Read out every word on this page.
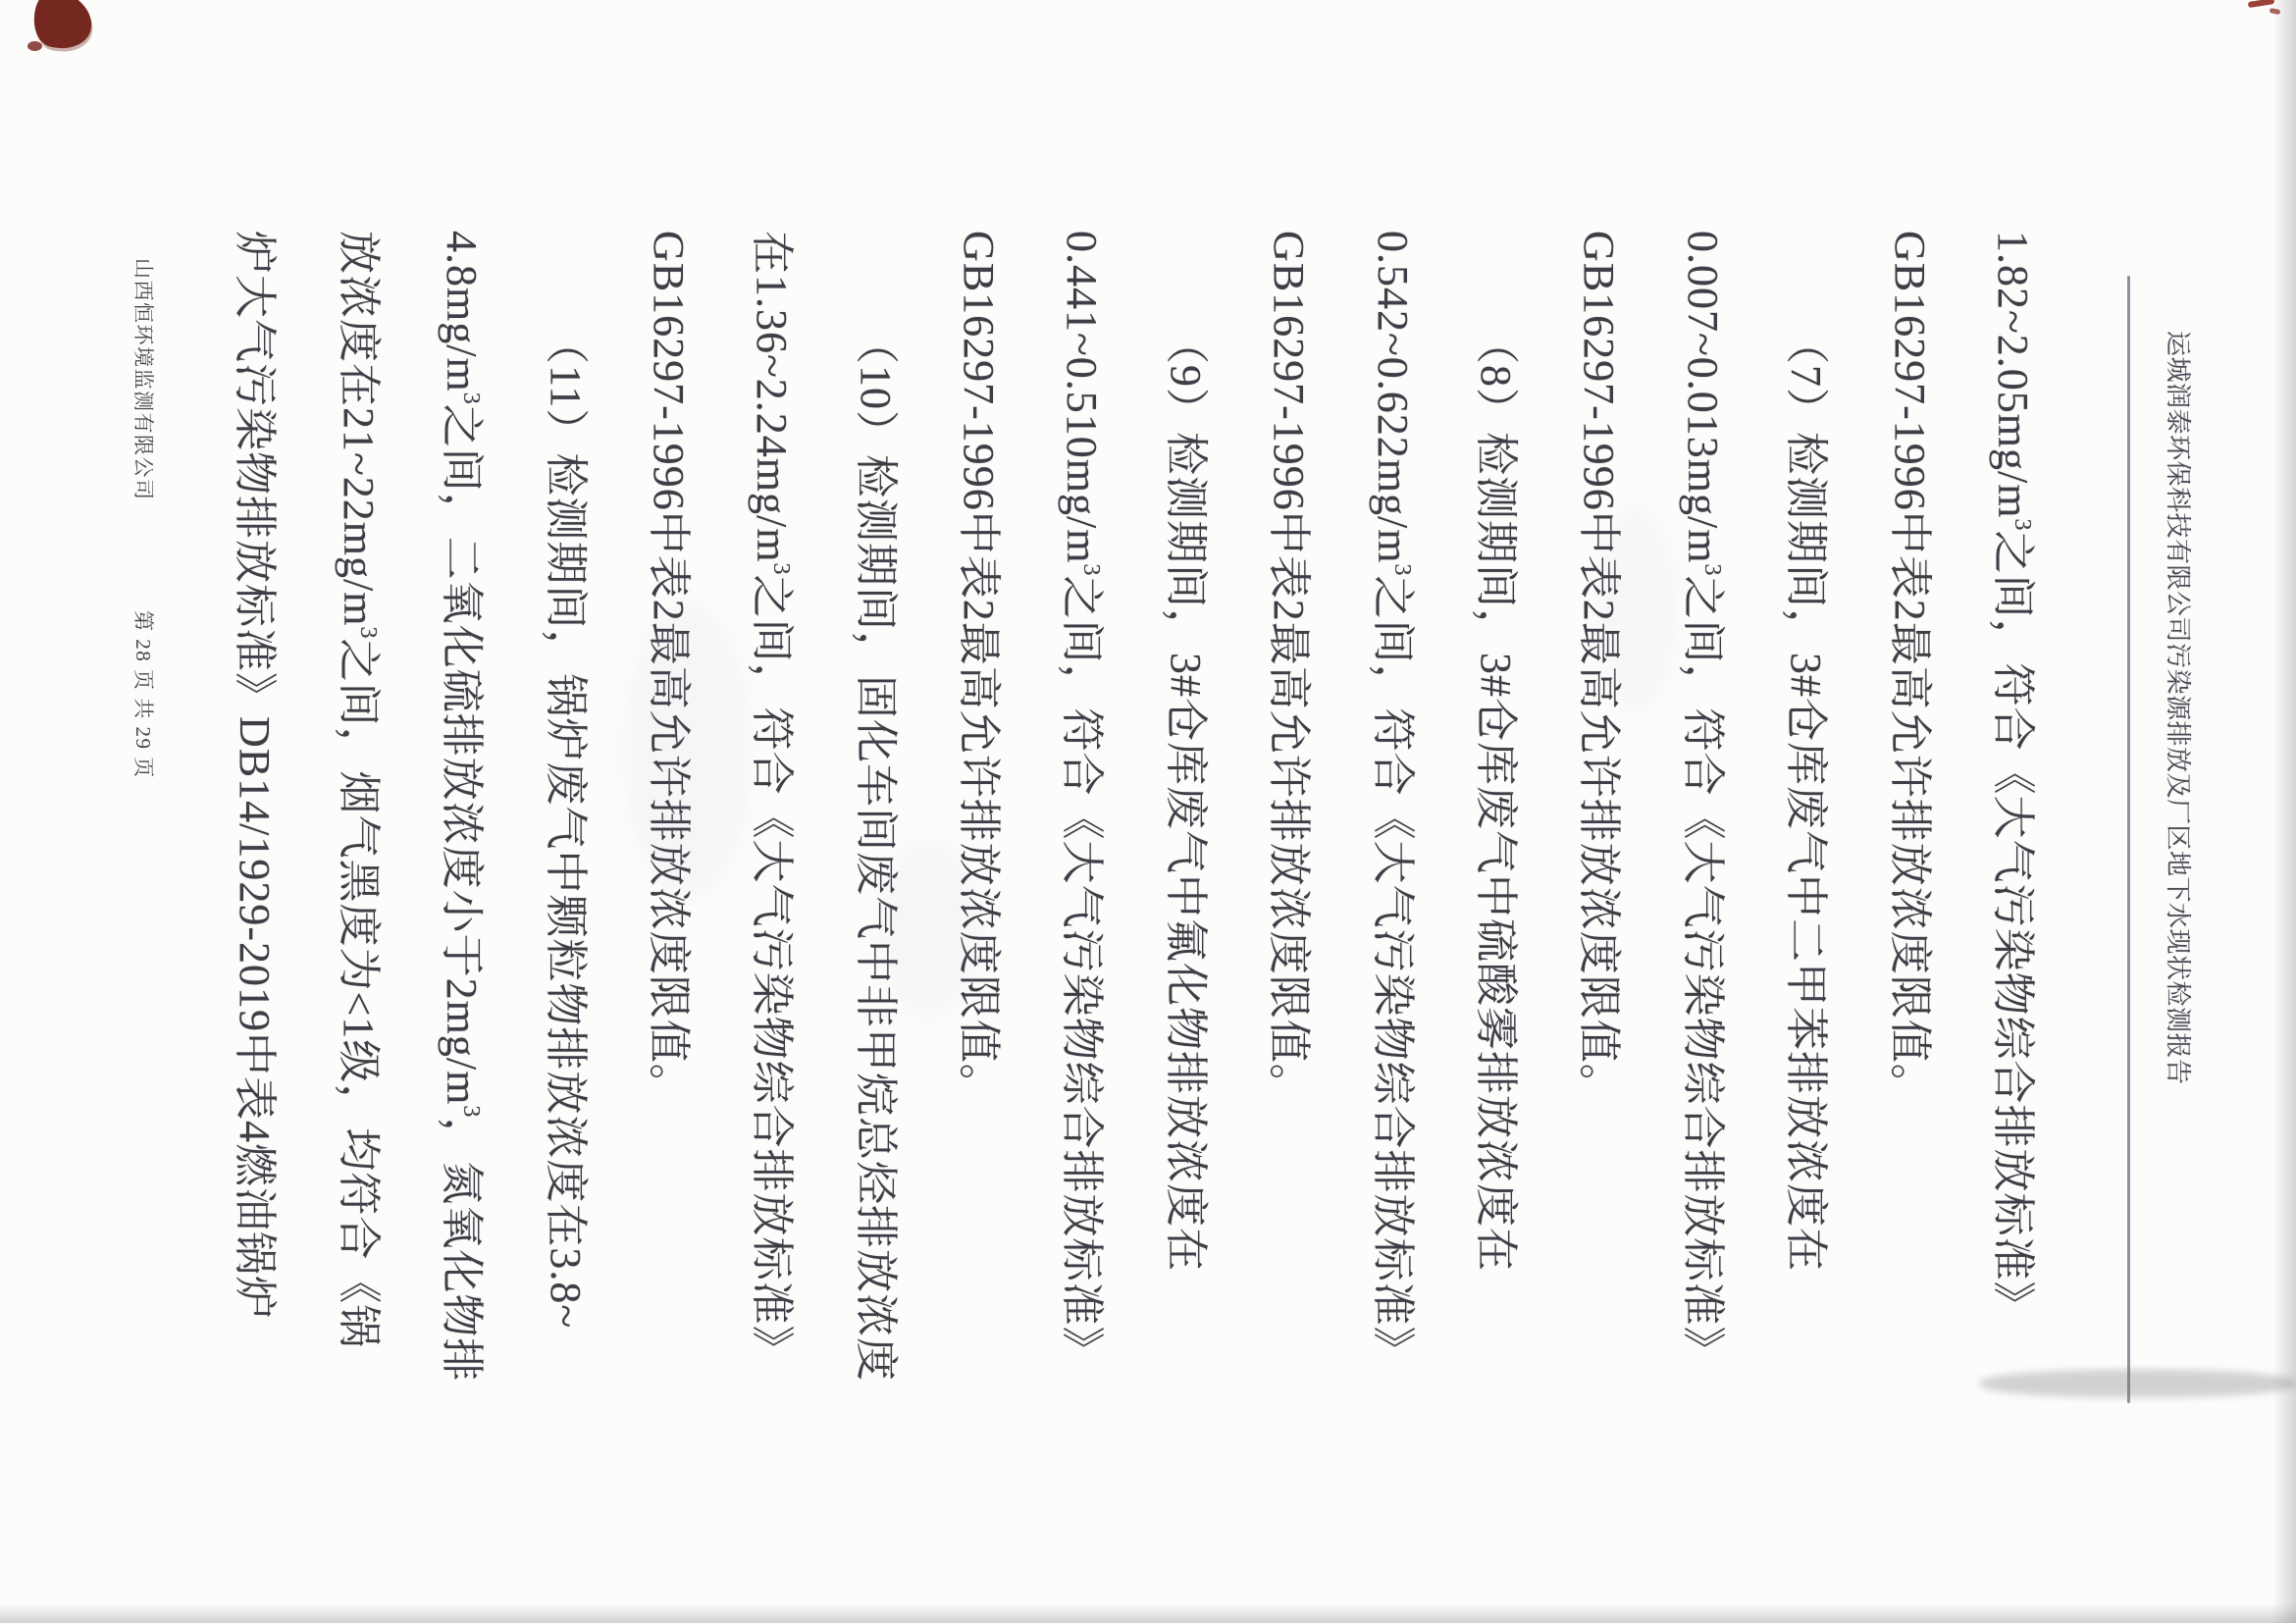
运城润泰环保科技有限公司污染源排放及厂区地下水现状检测报告
$1.82\sim 2.05mg/m^3$之间，符合《大气污染物综合排放标准》
GB16297-1996中表2最高允许排放浓度限值。
（7）检测期间，3#仓库废气中二甲苯排放浓度在
$0.007\sim 0.013mg/m^3$之间，符合《大气污染物综合排放标准》
GB16297-1996中表2最高允许排放浓度限值。
（8）检测期间，3#仓库废气中硫酸雾排放浓度在
$0.542\sim 0.622mg/m^3$之间，符合《大气污染物综合排放标准》
GB16297-1996中表2最高允许排放浓度限值。
（9）检测期间，3#仓库废气中氟化物排放浓度在
$0.441\sim 0.510mg/m^3$之间，符合《大气污染物综合排放标准》
GB16297-1996中表2最高允许排放浓度限值。
（10）检测期间，固化车间废气中非甲烷总烃排放浓度
在$1.36\sim 2.24mg/m^3$之间，符合《大气污染物综合排放标准》
GB16297-1996中表2最高允许排放浓度限值。
（11）检测期间，锅炉废气中颗粒物排放浓度在3.8~
$4.8mg/m^3$之间，二氧化硫排放浓度小于$2mg/m^3$，氮氧化物排
放浓度在$21\sim 22mg/m^3$之间，烟气黑度为<1级，均符合《锅
炉大气污染物排放标准》DB14/1929-2019中表4燃油锅炉
山西恒环境监测有限公司
第 28 页 共 29 页
